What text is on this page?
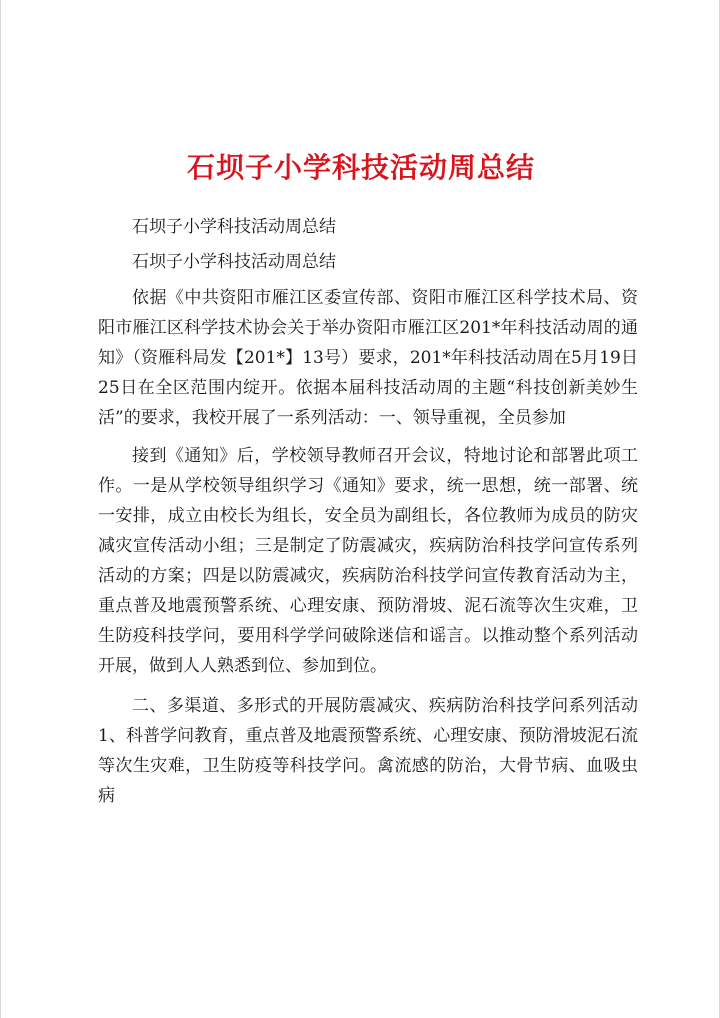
石坝子小学科技活动周总结

石坝子小学科技活动周总结

石坝子小学科技活动周总结

依据《中共资阳市雁江区委宣传部、资阳市雁江区科学技术局、资阳市雁江区科学技术协会关于举办资阳市雁江区201*年科技活动周的通知》（资雁科局发【201*】13号）要求，201*年科技活动周在5月19日25日在全区范围内绽开。依据本届科技活动周的主题“科技创新美妙生活”的要求，我校开展了一系列活动：一、领导重视，全员参加

接到《通知》后，学校领导教师召开会议，特地讨论和部署此项工作。一是从学校领导组织学习《通知》要求，统一思想，统一部署、统一安排，成立由校长为组长，安全员为副组长，各位教师为成员的防灾减灾宣传活动小组；三是制定了防震减灾，疾病防治科技学问宣传系列活动的方案；四是以防震减灾，疾病防治科技学问宣传教育活动为主，重点普及地震预警系统、心理安康、预防滑坡、泥石流等次生灾难，卫生防疫科技学问，要用科学学问破除迷信和谣言。以推动整个系列活动开展，做到人人熟悉到位、参加到位。

二、多渠道、多形式的开展防震减灾、疾病防治科技学问系列活动1、科普学问教育，重点普及地震预警系统、心理安康、预防滑坡泥石流等次生灾难，卫生防疫等科技学问。禽流感的防治，大骨节病、血吸虫病
